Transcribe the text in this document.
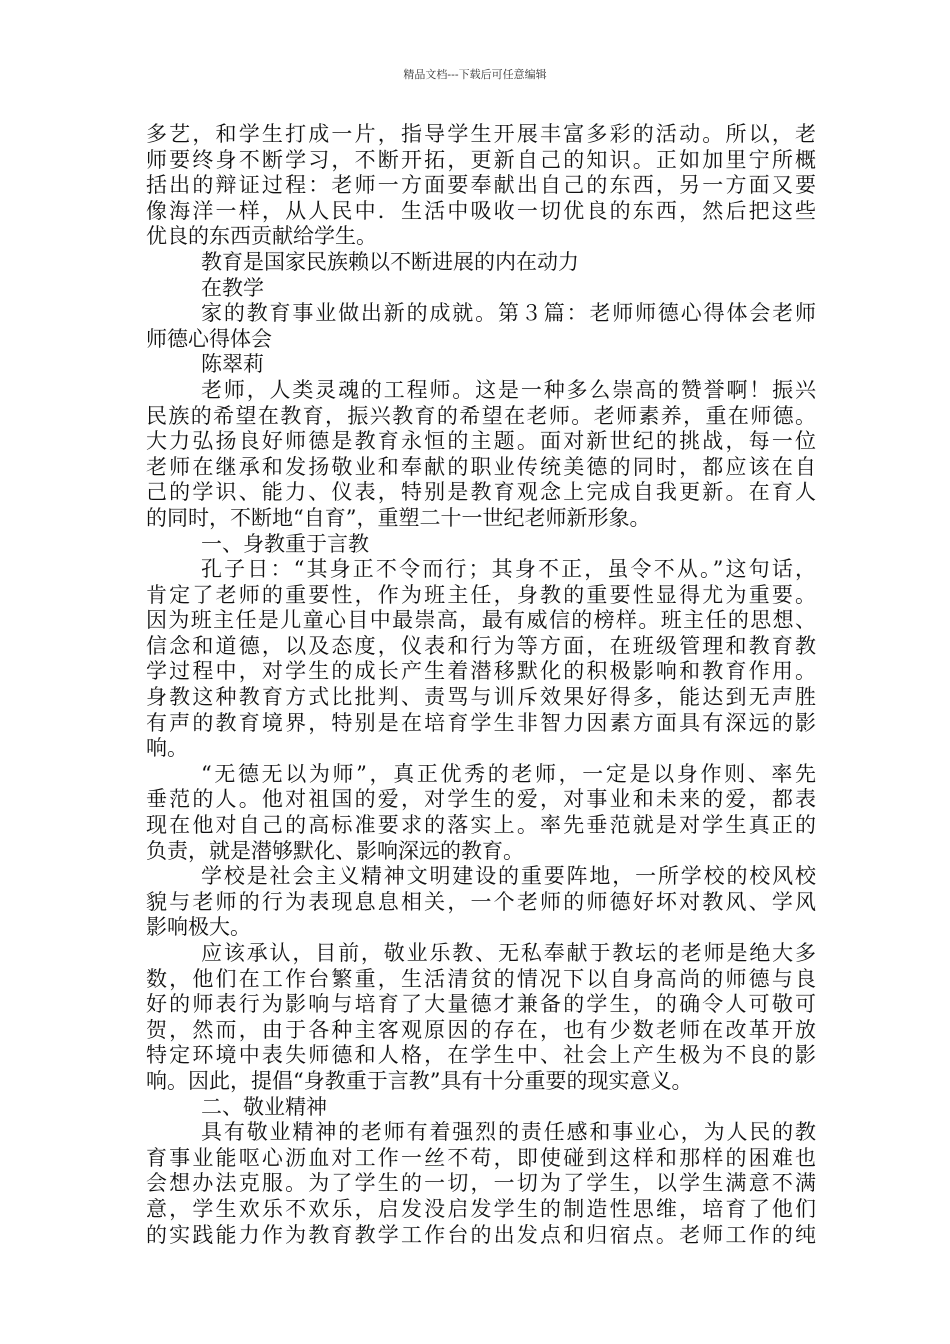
精品文档---下载后可任意编辑
多艺，和学生打成一片，指导学生开展丰富多彩的活动。所以，老
师要终身不断学习，不断开拓，更新自己的知识。正如加里宁所概
括出的辩证过程：老师一方面要奉献出自己的东西，另一方面又要
像海洋一样，从人民中．生活中吸收一切优良的东西，然后把这些
优良的东西贡献给学生。
教育是国家民族赖以不断进展的内在动力
在教学
家的教育事业做出新的成就。第３篇：老师师德心得体会老师
师德心得体会
陈翠莉
老师，人类灵魂的工程师。这是一种多么崇高的赞誉啊！振兴
民族的希望在教育，振兴教育的希望在老师。老师素养，重在师德。
大力弘扬良好师德是教育永恒的主题。面对新世纪的挑战，每一位
老师在继承和发扬敬业和奉献的职业传统美德的同时，都应该在自
己的学识、能力、仪表，特别是教育观念上完成自我更新。在育人
的同时，不断地“自育”，重塑二十一世纪老师新形象。
一、身教重于言教
孔子日：“其身正不令而行；其身不正，虽令不从。”这句话，
肯定了老师的重要性，作为班主任，身教的重要性显得尤为重要。
因为班主任是儿童心目中最崇高，最有威信的榜样。班主任的思想、
信念和道德，以及态度，仪表和行为等方面，在班级管理和教育教
学过程中，对学生的成长产生着潜移默化的积极影响和教育作用。
身教这种教育方式比批判、责骂与训斥效果好得多，能达到无声胜
有声的教育境界，特别是在培育学生非智力因素方面具有深远的影
响。
“无德无以为师”，真正优秀的老师，一定是以身作则、率先
垂范的人。他对祖国的爱，对学生的爱，对事业和未来的爱，都表
现在他对自己的高标准要求的落实上。率先垂范就是对学生真正的
负责，就是潜够默化、影响深远的教育。
学校是社会主义精神文明建设的重要阵地，一所学校的校风校
貌与老师的行为表现息息相关，一个老师的师德好坏对教风、学风
影响极大。
应该承认，目前，敬业乐教、无私奉献于教坛的老师是绝大多
数，他们在工作台繁重，生活清贫的情况下以自身高尚的师德与良
好的师表行为影响与培育了大量德才兼备的学生，的确令人可敬可
贺，然而，由于各种主客观原因的存在，也有少数老师在改革开放
特定环境中表失师德和人格，在学生中、社会上产生极为不良的影
响。因此，提倡“身教重于言教”具有十分重要的现实意义。
二、敬业精神
具有敬业精神的老师有着强烈的责任感和事业心，为人民的教
育事业能呕心沥血对工作一丝不苟，即使碰到这样和那样的困难也
会想办法克服。为了学生的一切，一切为了学生，以学生满意不满
意，学生欢乐不欢乐，启发没启发学生的制造性思维，培育了他们
的实践能力作为教育教学工作台的出发点和归宿点。老师工作的纯
